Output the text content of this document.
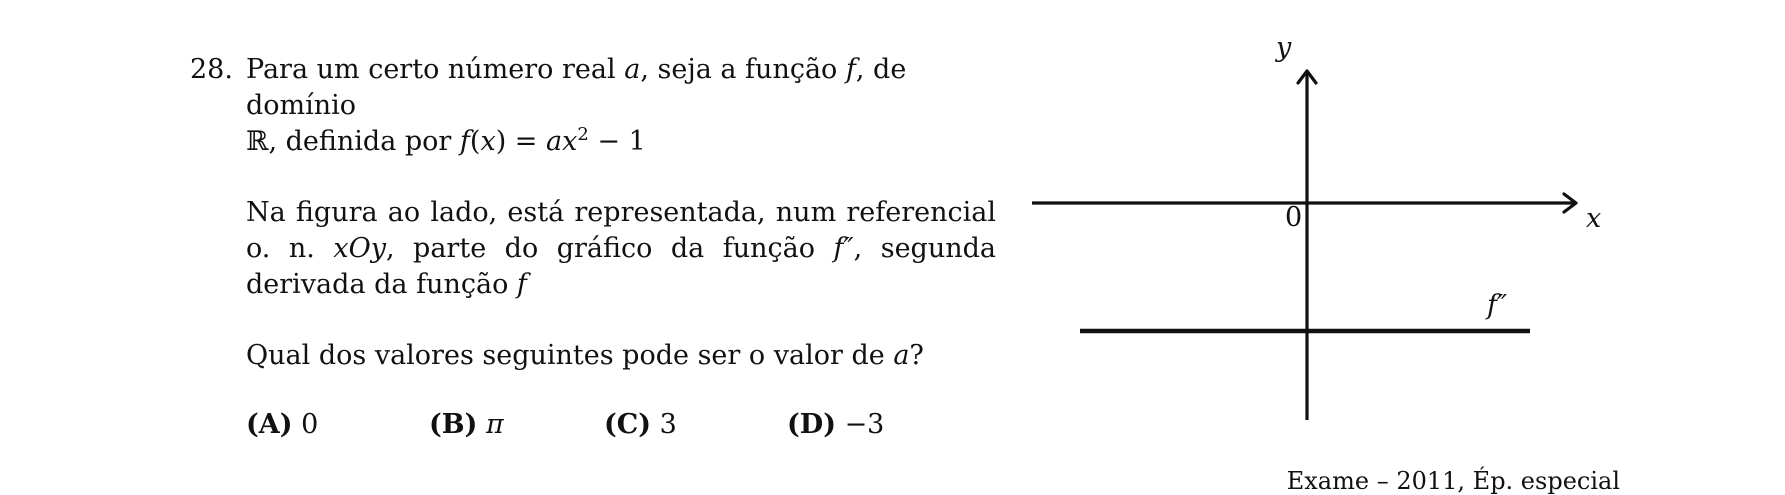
28. Para um certo número real a, seja a função f, de domínio
ℝ, definida por $f(x) = ax^2 - 1$

Na figura ao lado, está representada, num referencial o. n. xOy, parte do gráfico da função f″, segunda derivada da função f

Qual dos valores seguintes pode ser o valor de a?

(A) 0	(B) π	(C) 3	(D) −3
x
y
0
f″
Exame – 2011, Ép. especial
